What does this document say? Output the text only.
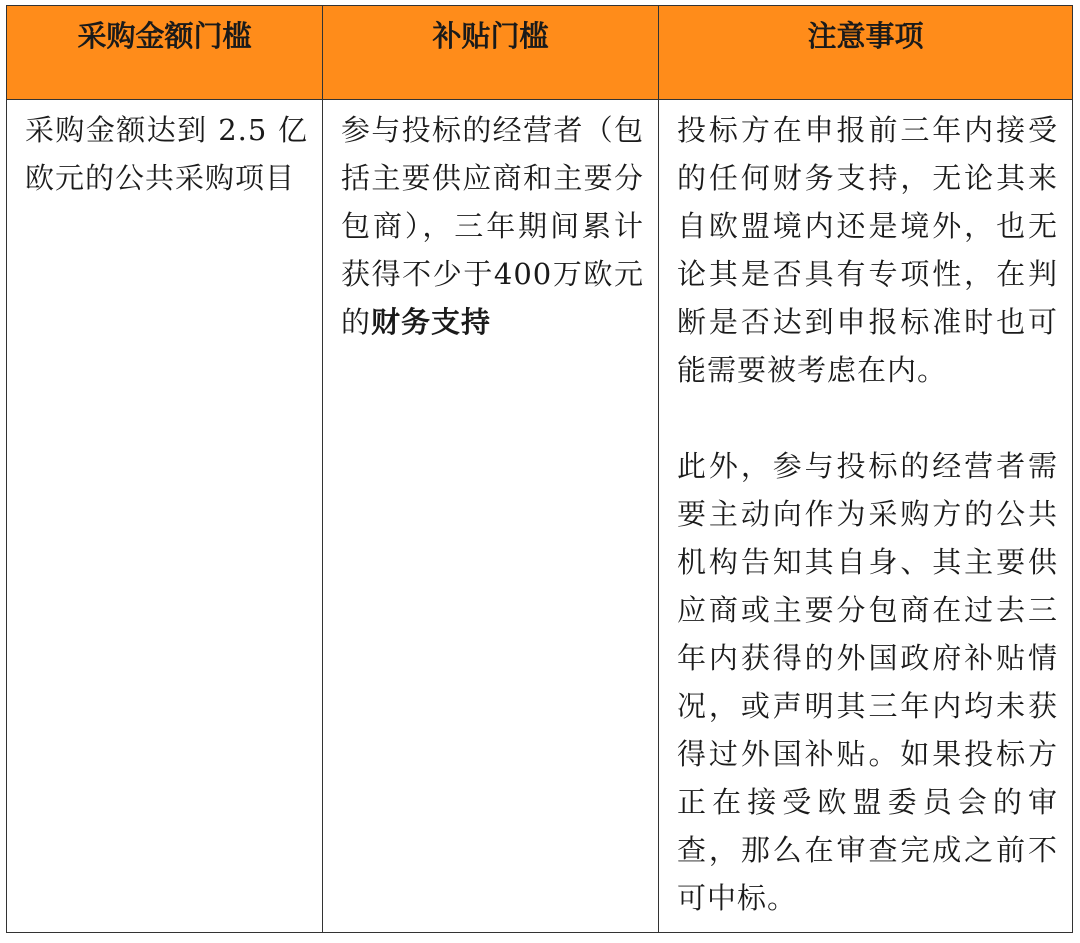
采购金额门槛	补贴门槛	注意事项

采购金额达到 2.5 亿欧元的公共采购项目	参与投标的经营者（包括主要供应商和主要分包商），三年期间累计获得不少于400万欧元的财务支持	投标方在申报前三年内接受的任何财务支持，无论其来自欧盟境内还是境外，也无论其是否具有专项性，在判断是否达到申报标准时也可能需要被考虑在内。

此外，参与投标的经营者需要主动向作为采购方的公共机构告知其自身、其主要供应商或主要分包商在过去三年内获得的外国政府补贴情况，或声明其三年内均未获得过外国补贴。如果投标方正在接受欧盟委员会的审查，那么在审查完成之前不可中标。
